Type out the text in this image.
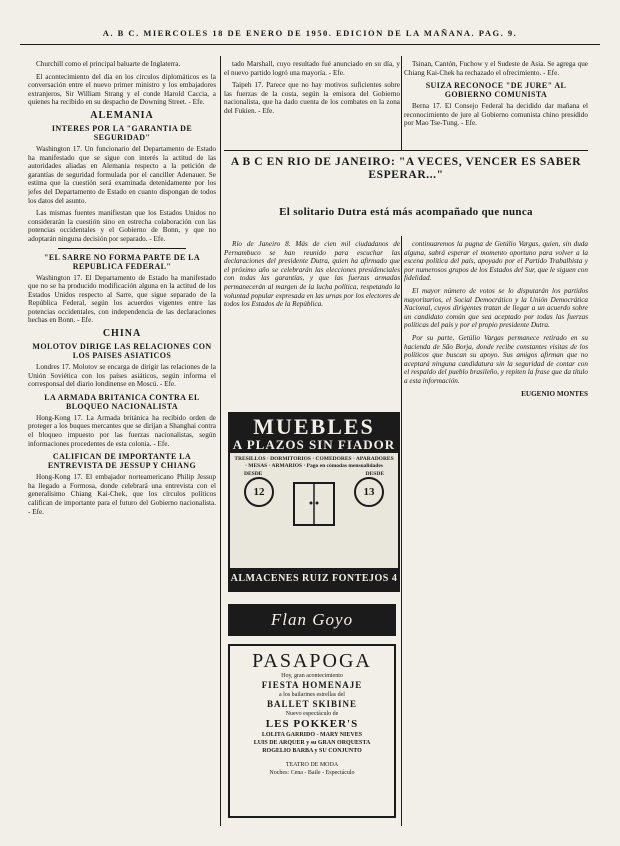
A. B C. MIERCOLES 18 DE ENERO DE 1950. EDICION DE LA MAÑANA. PAG. 9.

Churchill como el principal baluarte de Inglaterra.

El acontecimiento del día en los círculos diplomáticos es la conversación entre el nuevo primer ministro y los embajadores extranjeros, Sir William Strang y el conde Harold Caccia, a quienes ha recibido en su despacho de Downing Street. - Efe.

ALEMANIA
INTERES POR LA "GARANTIA DE SEGURIDAD"

Washington 17. Un funcionario del Departamento de Estado ha manifestado que se sigue con interés la actitud de las autoridades aliadas en Alemania respecto a la petición de garantías de seguridad formulada por el canciller Adenauer. Se estima que la cuestión será examinada detenidamente por los jefes del Departamento de Estado en cuanto dispongan de todos los datos del asunto.

Las mismas fuentes manifiestan que los Estados Unidos no considerarán la cuestión sino en estrecha colaboración con las potencias occidentales y el Gobierno de Bonn, y que no adoptarán ninguna decisión por separado. - Efe.

"EL SARRE NO FORMA PARTE DE LA REPUBLICA FEDERAL"

Washington 17. El Departamento de Estado ha manifestado que no se ha producido modificación alguna en la actitud de los Estados Unidos respecto al Sarre, que sigue separado de la República Federal, según los acuerdos vigentes entre las potencias occidentales, con independencia de las declaraciones hechas en Bonn. - Efe.

CHINA
MOLOTOV DIRIGE LAS RELACIONES CON LOS PAISES ASIATICOS

Londres 17. Molotov se encarga de dirigir las relaciones de la Unión Soviética con los países asiáticos, según informa el corresponsal del diario londinense en Moscú. - Efe.

LA ARMADA BRITANICA CONTRA EL BLOQUEO NACIONALISTA

Hong-Kong 17. La Armada británica ha recibido orden de proteger a los buques mercantes que se dirijan a Shanghai contra el bloqueo impuesto por las fuerzas nacionalistas, según informaciones procedentes de esta colonia. - Efe.

CALIFICAN DE IMPORTANTE LA ENTREVISTA DE JESSUP Y CHIANG

Hong-Kong 17. El embajador norteamericano Philip Jessup ha llegado a Formosa, donde celebrará una entrevista con el generalísimo Chiang Kai-Chek, que los círculos políticos califican de importante para el futuro del Gobierno nacionalista. - Efe.

tado Marshall, cuyo resultado fué anunciado en su día, y el nuevo partido logró una mayoría. - Efe.

Taipeh 17. Parece que no hay motivos suficientes sobre las fuerzas de la costa, según la emisora del Gobierno nacionalista, que ha dado cuenta de los combates en la zona del Fukien. - Efe.

Tsinan, Cantón, Fuchow y el Sudeste de Asia. Se agrega que Chiang Kai-Chek ha rechazado el ofrecimiento. - Efe.

SUIZA RECONOCE "DE JURE" AL GOBIERNO COMUNISTA

Berna 17. El Consejo Federal ha decidido dar mañana el reconocimiento de jure al Gobierno comunista chino presidido por Mao Tse-Tung. - Efe.

A B C EN RIO DE JANEIRO: "A VECES, VENCER ES SABER ESPERAR..."
El solitario Dutra está más acompañado que nunca

Río de Janeiro 8. Más de cien mil ciudadanos de Pernambuco se han reunido para escuchar las declaraciones del presidente Dutra, quien ha afirmado que el próximo año se celebrarán las elecciones presidenciales con todas las garantías, y que las fuerzas armadas permanecerán al margen de la lucha política, respetando la voluntad popular expresada en las urnas por los electores de todos los Estados de la República.

continuaremos la pugna de Getúlio Vargas, quien, sin duda alguna, sabrá esperar el momento oportuno para volver a la escena política del país, apoyado por el Partido Trabalhista y por numerosos grupos de los Estados del Sur, que le siguen con fidelidad.

El mayor número de votos se lo disputarán los partidos mayoritarios, el Social Democrático y la Unión Democrática Nacional, cuyos dirigentes tratan de llegar a un acuerdo sobre un candidato común que sea aceptado por todas las fuerzas políticas del país y por el propio presidente Dutra.

Por su parte, Getúlio Vargas permanece retirado en su hacienda de São Borja, donde recibe constantes visitas de los políticos que buscan su apoyo. Sus amigos afirman que no aceptará ninguna candidatura sin la seguridad de contar con el respaldo del pueblo brasileño, y repiten la frase que da título a esta información.

EUGENIO MONTES
MUEBLES
A PLAZOS SIN FIADOR
TRESILLOS · DORMITORIOS · COMEDORES · APARADORES · MESAS · ARMARIOS · Pago en cómodas mensualidades
DESDE
12
DESDE
13
ALMACENES RUIZ FONTEJOS 4
Flan Goyo
PASAPOGA
Hoy, gran acontecimiento
FIESTA HOMENAJE
a los bailarines estrellas del
BALLET SKIBINE
Nuevo espectáculo de
LES POKKER'S
LOLITA GARRIDO - MARY NIEVES
LUIS DE ARQUER y su GRAN ORQUESTA
ROGELIO BARBA y SU CONJUNTO
TEATRO DE MODA
Noches: Cena - Baile - Espectáculo
